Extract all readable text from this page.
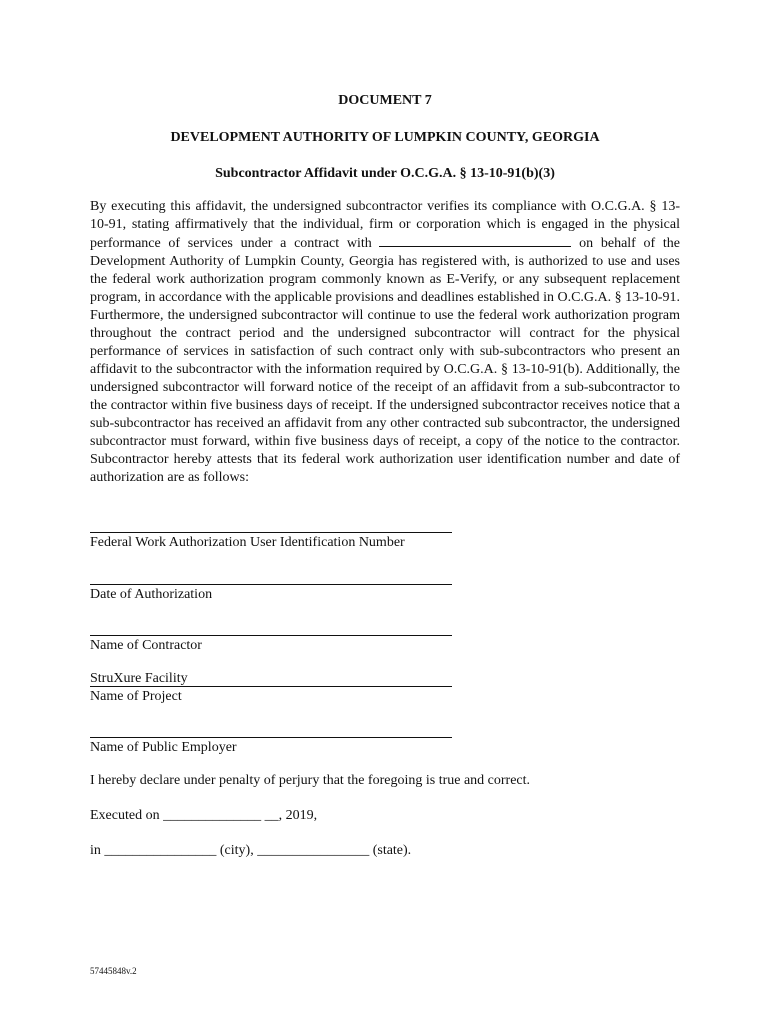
DOCUMENT 7
DEVELOPMENT AUTHORITY OF LUMPKIN COUNTY, GEORGIA
Subcontractor Affidavit under O.C.G.A. § 13-10-91(b)(3)
By executing this affidavit, the undersigned subcontractor verifies its compliance with O.C.G.A. § 13-10-91, stating affirmatively that the individual, firm or corporation which is engaged in the physical performance of services under a contract with	on behalf of the Development Authority of Lumpkin County, Georgia has registered with, is authorized to use and uses the federal work authorization program commonly known as E-Verify, or any subsequent replacement program, in accordance with the applicable provisions and deadlines established in O.C.G.A. § 13-10-91. Furthermore, the undersigned subcontractor will continue to use the federal work authorization program throughout the contract period and the undersigned subcontractor will contract for the physical performance of services in satisfaction of such contract only with sub-subcontractors who present an affidavit to the subcontractor with the information required by O.C.G.A. § 13-10-91(b). Additionally, the undersigned subcontractor will forward notice of the receipt of an affidavit from a sub-subcontractor to the contractor within five business days of receipt. If the undersigned subcontractor receives notice that a sub-subcontractor has received an affidavit from any other contracted sub subcontractor, the undersigned subcontractor must forward, within five business days of receipt, a copy of the notice to the contractor. Subcontractor hereby attests that its federal work authorization user identification number and date of authorization are as follows:
Federal Work Authorization User Identification Number
Date of Authorization
Name of Contractor
StruXure Facility
Name of Project
Name of Public Employer
I hereby declare under penalty of perjury that the foregoing is true and correct.
Executed on ______________ __, 2019,
in ________________ (city), ________________ (state).
57445848v.2
